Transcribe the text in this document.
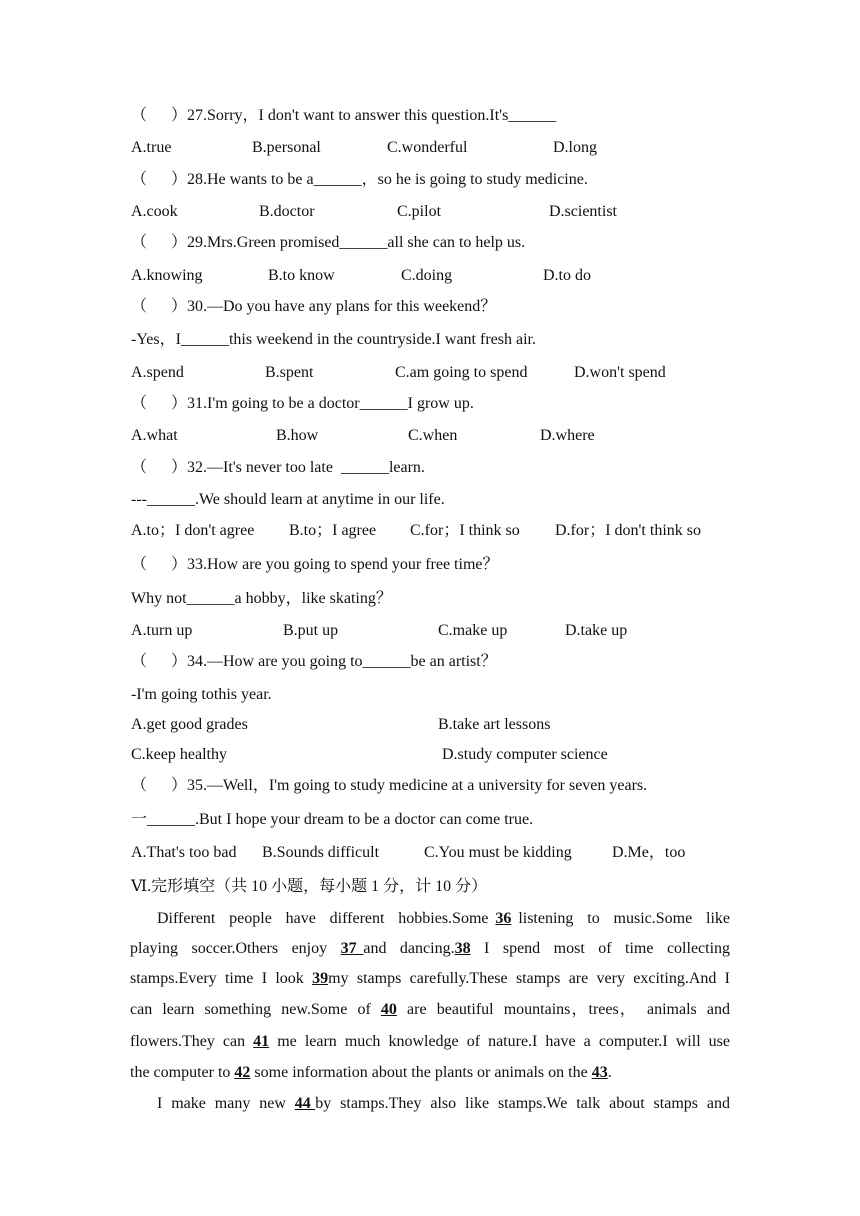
（      ）27.Sorry，I don't want to answer this question.It's______
A.true	B.personal	C.wonderful	D.long
（      ）28.He wants to be a______，so he is going to study medicine.
A.cook	B.doctor	C.pilot	D.scientist
（      ）29.Mrs.Green promised______all she can to help us.
A.knowing	B.to know	C.doing	D.to do
（      ）30.—Do you have any plans for this weekend？
-Yes，I______this weekend in the countryside.I want fresh air.
A.spend	B.spent	C.am going to spend	D.won't spend
（      ）31.I'm going to be a doctor______I grow up.
A.what	B.how	C.when	D.where
（      ）32.—It's never too late  ______learn.
---______.We should learn at anytime in our life.
A.to；I don't agree B.to；I agree C.for；I think so D.for；I don't think so
（      ）33.How are you going to spend your free time？
Why not______a hobby，like skating？
A.turn up	B.put up	C.make up	D.take up
（      ）34.—How are you going to______be an artist？
-I'm going tothis year.
A.get good grades	B.take art lessons
C.keep healthy	D.study computer science
（      ）35.—Well，I'm going to study medicine at a university for seven years.
一______.But I hope your dream to be a doctor can come true.
A.That's too bad B.Sounds difficult	C.You must be kidding	D.Me，too
Ⅵ.完形填空（共 10 小题，每小题 1 分，计 10 分）
Different  people  have  different  hobbies.Some 36 listening  to  music.Some  like
playing  soccer.Others  enjoy  37 and  dancing.38  I  spend  most  of  time  collecting
stamps.Every time I look 39my stamps carefully.These stamps are very exciting.And I
can  learn  something  new.Some  of  40  are  beautiful  mountains，trees，  animals  and
flowers.They can 41 me learn much knowledge of nature.I have a computer.I will use
the computer to 42 some information about the plants or animals on the 43.
I  make  many  new  44 by  stamps.They  also  like  stamps.We  talk  about  stamps  and
